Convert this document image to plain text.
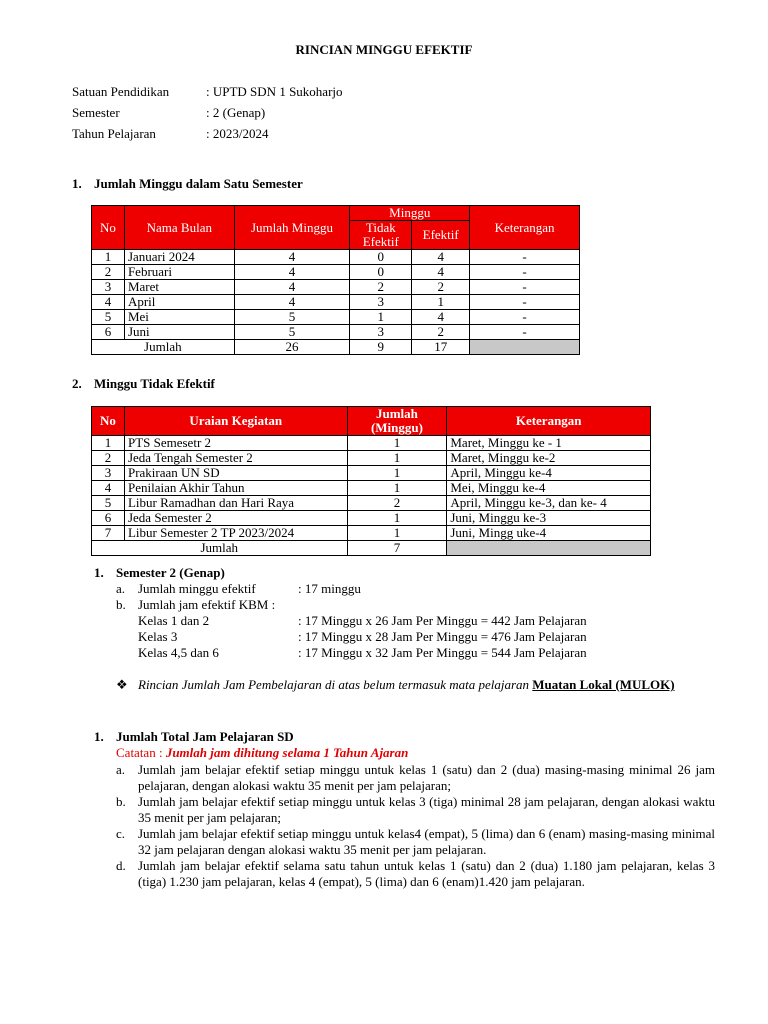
RINCIAN MINGGU EFEKTIF
Satuan Pendidikan	: UPTD SDN 1 Sukoharjo
Semester	: 2 (Genap)
Tahun Pelajaran	: 2023/2024
1. Jumlah Minggu dalam Satu Semester
No	Nama Bulan	Jumlah Minggu	Minggu		Keterangan
			Tidak Efektif	Efektif	
1	Januari 2024	4	0	4	-
2	Februari	4	0	4	-
3	Maret	4	2	2	-
4	April	4	3	1	-
5	Mei	5	1	4	-
6	Juni	5	3	2	-
Jumlah		26	9	17	
2. Minggu Tidak Efektif
No	Uraian Kegiatan	Jumlah (Minggu)	Keterangan
1	PTS Semesetr 2	1	Maret, Minggu ke - 1
2	Jeda Tengah Semester 2	1	Maret, Minggu ke-2
3	Prakiraan UN SD	1	April, Minggu ke-4
4	Penilaian Akhir Tahun	1	Mei, Minggu ke-4
5	Libur Ramadhan dan Hari Raya	2	April, Minggu ke-3, dan ke- 4
6	Jeda Semester 2	1	Juni, Minggu ke-3
7	Libur Semester 2 TP 2023/2024	1	Juni, Mingg uke-4
Jumlah		7	
1. Semester 2 (Genap)
a. Jumlah minggu efektif	: 17 minggu
b. Jumlah jam efektif KBM :
Kelas 1 dan 2	: 17 Minggu x 26 Jam Per Minggu = 442 Jam Pelajaran
Kelas 3	: 17 Minggu x 28 Jam Per Minggu = 476 Jam Pelajaran
Kelas 4,5 dan 6	: 17 Minggu x 32 Jam Per Minggu = 544 Jam Pelajaran
❖ Rincian Jumlah Jam Pembelajaran di atas belum termasuk mata pelajaran Muatan Lokal (MULOK)
1. Jumlah Total Jam Pelajaran SD
Catatan : Jumlah jam dihitung selama 1 Tahun Ajaran
a. Jumlah jam belajar efektif setiap minggu untuk kelas 1 (satu) dan 2 (dua) masing-masing minimal 26 jam pelajaran, dengan alokasi waktu 35 menit per jam pelajaran;
b. Jumlah jam belajar efektif setiap minggu untuk kelas 3 (tiga) minimal 28 jam pelajaran, dengan alokasi waktu 35 menit per jam pelajaran;
c. Jumlah jam belajar efektif setiap minggu untuk kelas4 (empat), 5 (lima) dan 6 (enam) masing-masing minimal 32 jam pelajaran dengan alokasi waktu 35 menit per jam pelajaran.
d. Jumlah jam belajar efektif selama satu tahun untuk kelas 1 (satu) dan 2 (dua) 1.180 jam pelajaran, kelas 3 (tiga) 1.230 jam pelajaran, kelas 4 (empat), 5 (lima) dan 6 (enam)1.420 jam pelajaran.
